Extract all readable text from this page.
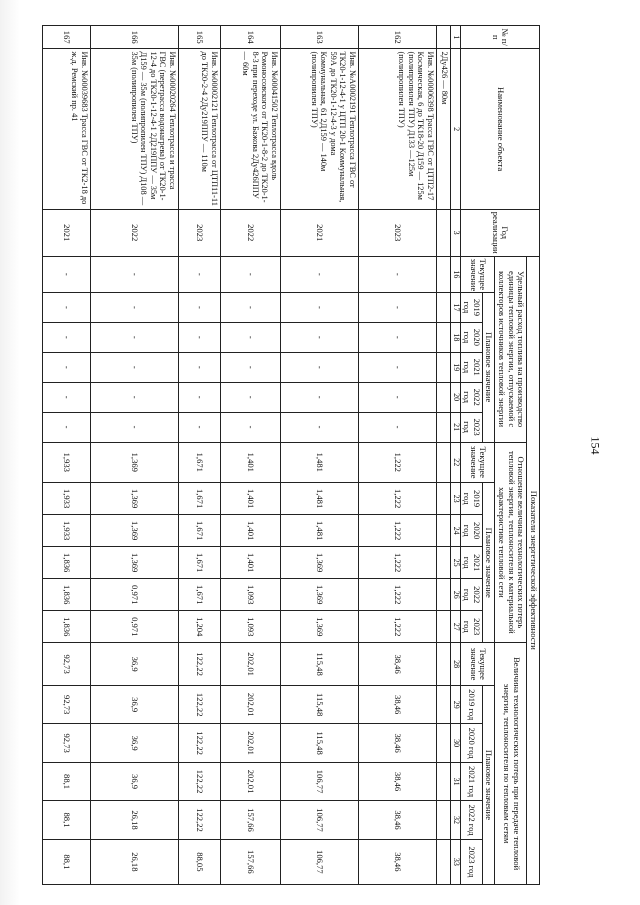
154
№ п/п	Наименование объекта	Год реализации	Показатели энергетической эффективности																	
			Удельный расход топлива на производство единицы тепловой энергии, отпускаемой с коллекторов источников тепловой энергии						Отношение величины технологических потерь тепловой энергии, теплоносителя к материальной характеристике тепловой сети						Величина технологических потерь при передаче тепловой энергии, теплоносителя по тепловым сетям					
			Текущее значение	Плановое значение					Текущее значение	Плановое значение					Текущее значение	Плановое значение				
				2019 год	2020 год	2021 год	2022 год	2023 год		2019 год	2020 год	2021 год	2022 год	2023 год		2019 год	2020 год	2021 год	2022 год	2023 год
1	2	3	16	17	18	19	20	21	22	23	24	25	26	27	28	29	30	31	32	33
	2Ду426 — 80м																			
162	Инв. №00006398 Трасса ГВС от ЦТП2-17 Космическая, 6 до ТК18-20 Д159 — 125м (полипропилен ТПУ) Д133 —125м (полипропилен ТПУ)	2023	-	-	-	-	-	-	1,222	1,222	1,222	1,222	1,222	1,222	38,46	38,46	38,46	38,46	38,46	38,46
163	Инв. №А0002191 Теплотрасса ГВС от ТК20-1-12-4-1 у ЦТП 20-1 Коммунальная, 59А до ТК20-1-12-4-3 у дома Коммунальная, 61 2Д159 — 140м (полипропилен ТПУ)	2021	-	-	-	-	-	-	1,481	1,481	1,481	1,369	1,369	1,369	115,48	115,48	115,48	106,77	106,77	106,77
164	Инв. №00041502 Теплотрасса вдоль Ромоносовского от ТК20-1-8-2 до ТК20-1-8-3 при переходе ул. Бажова 2Ду426ППУ — 60м	2022	-	-	-	-	-	-	1,401	1,401	1,401	1,401	1,093	1,093	202,01	202,01	202,01	202,01	157,66	157,66
165	Инв. №00002121 Теплотрасса от ЦТП11-11 до ТК20-2-4 2Ду219ППУ — 110м	2023	-	-	-	-	-	-	1,671	1,671	1,671	1,671	1,671	1,204	122,22	122,22	122,22	122,22	122,22	88,05
166	Инв. №00020264 Теплотрасса и трасса ГВС (перетрасса водонагрева) от ТК20-1-12-4 до ТК20-1-12-4-1 2Д219ППУ — 35м Д159 — 35м (полипропилен ТПУ) Д108 — 35м (полипропилен ТПУ)	2022	-	-	-	-	-	-	1,369	1,369	1,369	1,369	0,971	0,971	36,9	36,9	36,9	36,9	26,18	26,18
167	Инв. №00039683 Трасса ГВС от ТК2-18 до ж.д. Ремский пр. 41	2021	-	-	-	-	-	-	1,933	1,933	1,933	1,836	1,836	1,836	92,73	92,73	92,73	88,1	88,1	88,1
